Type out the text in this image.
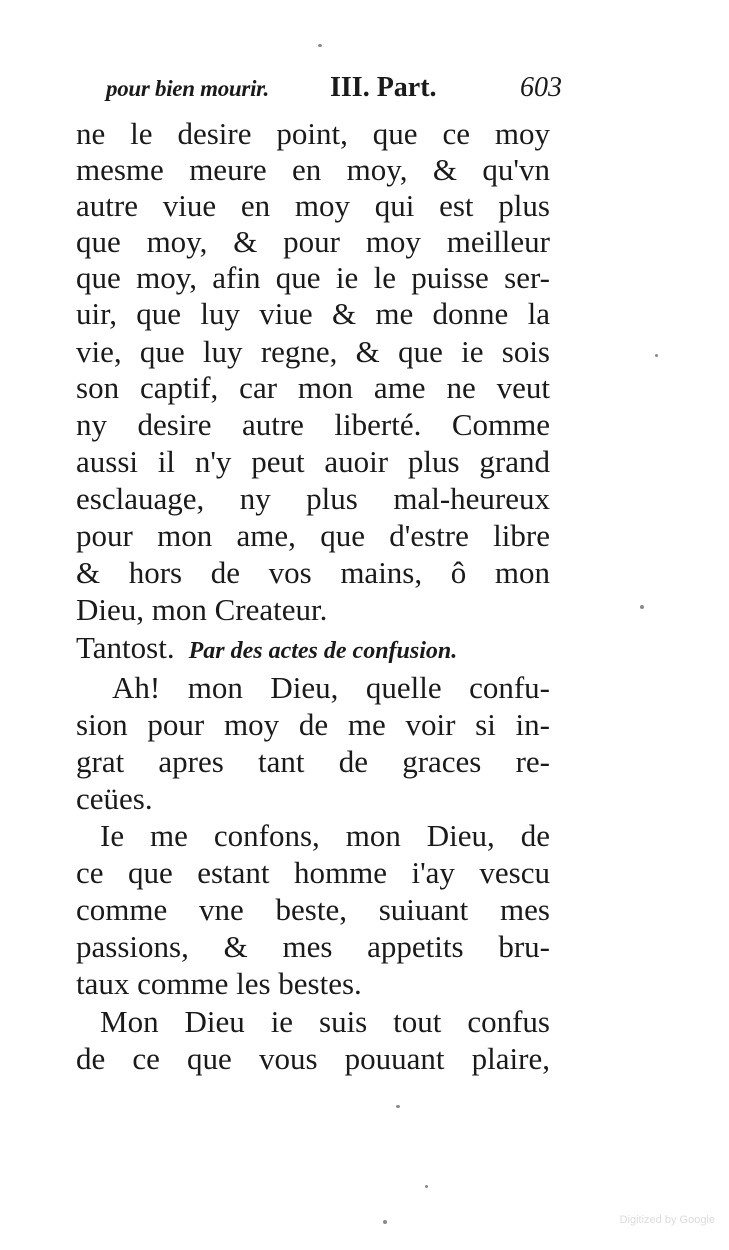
pour bien mourir. III. Part.	603
ne le desire point, que ce moy
mesme meure en moy, & qu'vn
autre viue en moy qui est plus
que moy, & pour moy meilleur
que moy, afin que ie le puisse ser-
uir, que luy viue & me donne la
vie, que luy regne, & que ie sois
son captif, car mon ame ne veut
ny desire autre liberté. Comme
aussi il n'y peut auoir plus grand
esclauage, ny plus mal-heureux
pour mon ame, que d'estre libre
& hors de vos mains, ô mon
Dieu, mon Createur.
Tantost. Par des actes de confusion.
Ah! mon Dieu, quelle confu-
sion pour moy de me voir si in-
grat apres tant de graces re-
ceües.
Ie me confons, mon Dieu, de
ce que estant homme i'ay vescu
comme vne beste, suiuant mes
passions, & mes appetits bru-
taux comme les bestes.
Mon Dieu ie suis tout confus
de ce que vous pouuant plaire,
Digitized by Google
